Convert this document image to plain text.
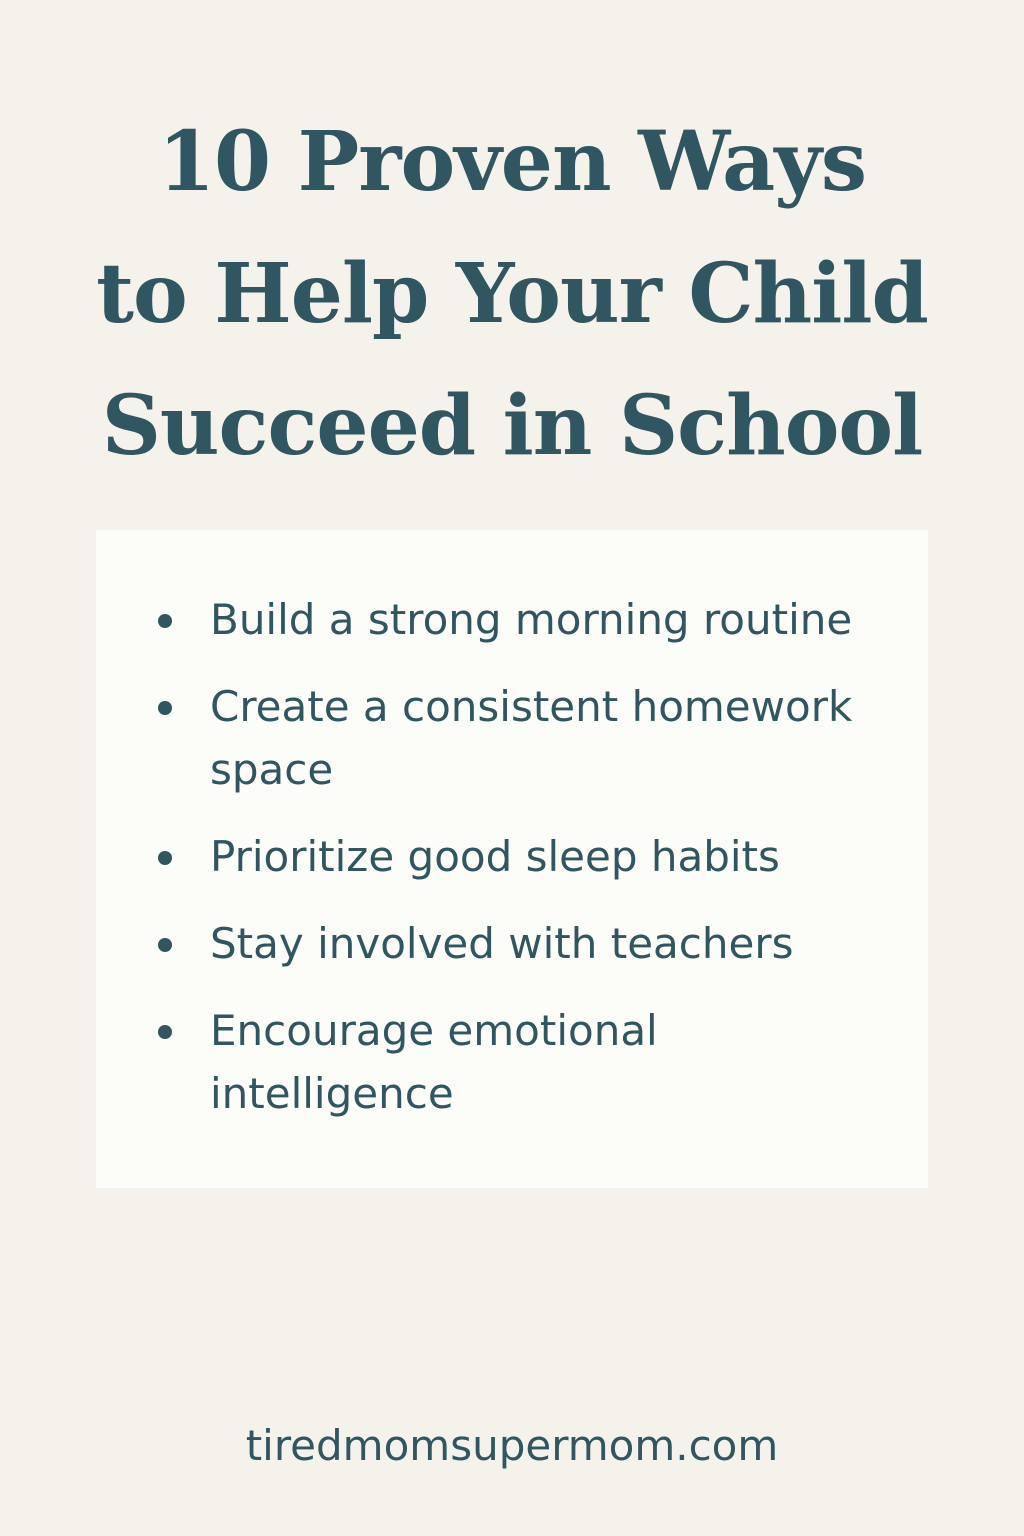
10 Proven Ways
to Help Your Child
Succeed in School
Build a strong morning routine
Create a consistent homework space
Prioritize good sleep habits
Stay involved with teachers
Encourage emotional intelligence
tiredmomsupermom.com
